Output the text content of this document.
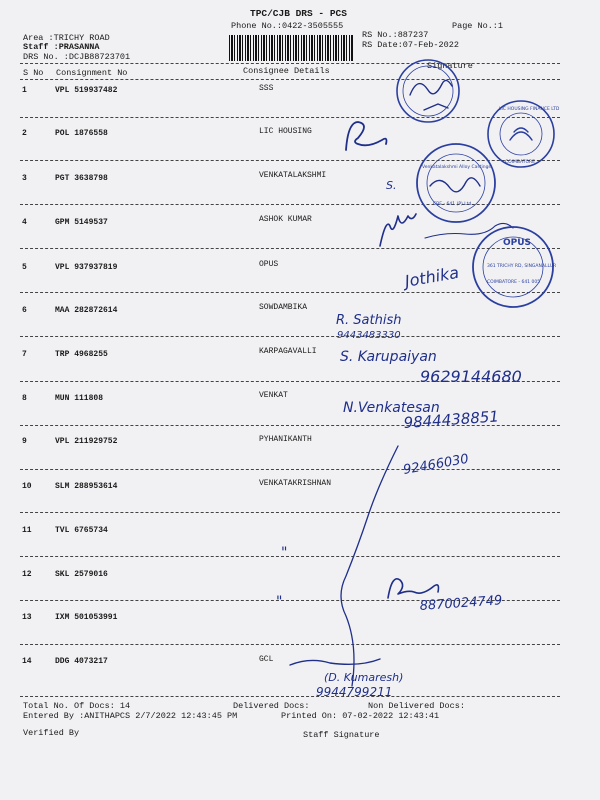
TPC/CJB DRS - PCS
Phone No.:0422-3505555	Page No.:1
Area :TRICHY ROAD
Staff :PRASANNA
DRS No. :DCJB88723701
RS No.:887237
RS Date:07-Feb-2022
S No Consignment No	Consignee Details	Signature
1	VPL 519937482	SSS
2	POL 1876558	LIC HOUSING
3	PGT 3638798	VENKATALAKSHMI
4	GPM 5149537	ASHOK KUMAR
5	VPL 937937819	OPUS
6	MAA 282872614	SOWDAMBIKA
7	TRP 4968255	KARPAGAVALLI
8	MUN 111808	VENKAT
9	VPL 211929752	PYHANIKANTH
10	SLM 288953614	VENKATAKRISHNAN
11	TVL 6765734
12	SKL 2579016
13	IXM 501053991
14	DDG 4073217	GCL
Total No. Of Docs: 14	Delivered Docs:	Non Delivered Docs:
Entered By :ANITHAPCS 2/7/2022 12:43:45 PM	Printed On: 07-02-2022 12:43:41
Verified By	Staff Signature
S.
Jothika
R. Sathish
9443483330
S. Karupaiyan
9629144680
N.Venkatesan
9844438851
92466030
"
"	8870024749
(D. Kumaresh)
9944799211
LIC HOUSING FINANCE LTD
COIMBATORE
Venkatalakshmi Alloy Castings
CBE - 641 (P) Ltd
OPUS
361 TRICHY RD, SINGANALLUR
COIMBATORE - 641 005
